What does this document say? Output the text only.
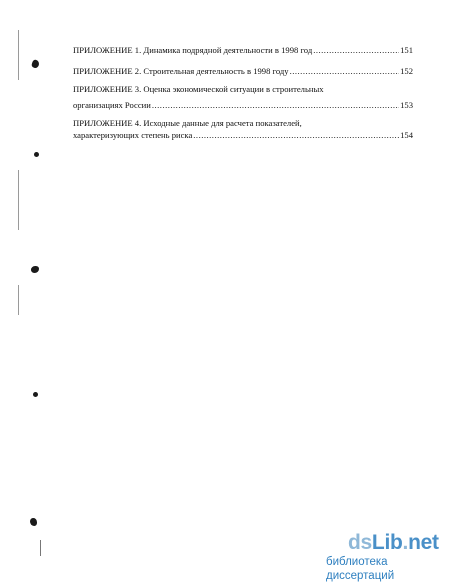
ПРИЛОЖЕНИЕ 1. Динамика подрядной деятельности в 1998 год .....	151
ПРИЛОЖЕНИЕ 2. Строительная деятельность в 1998 году .....	152
ПРИЛОЖЕНИЕ 3. Оценка экономической ситуации в строительных
организациях России .....	153
ПРИЛОЖЕНИЕ 4. Исходные данные для расчета показателей,
характеризующих степень риска .....	154
dsLib.net
библиотека диссертаций
